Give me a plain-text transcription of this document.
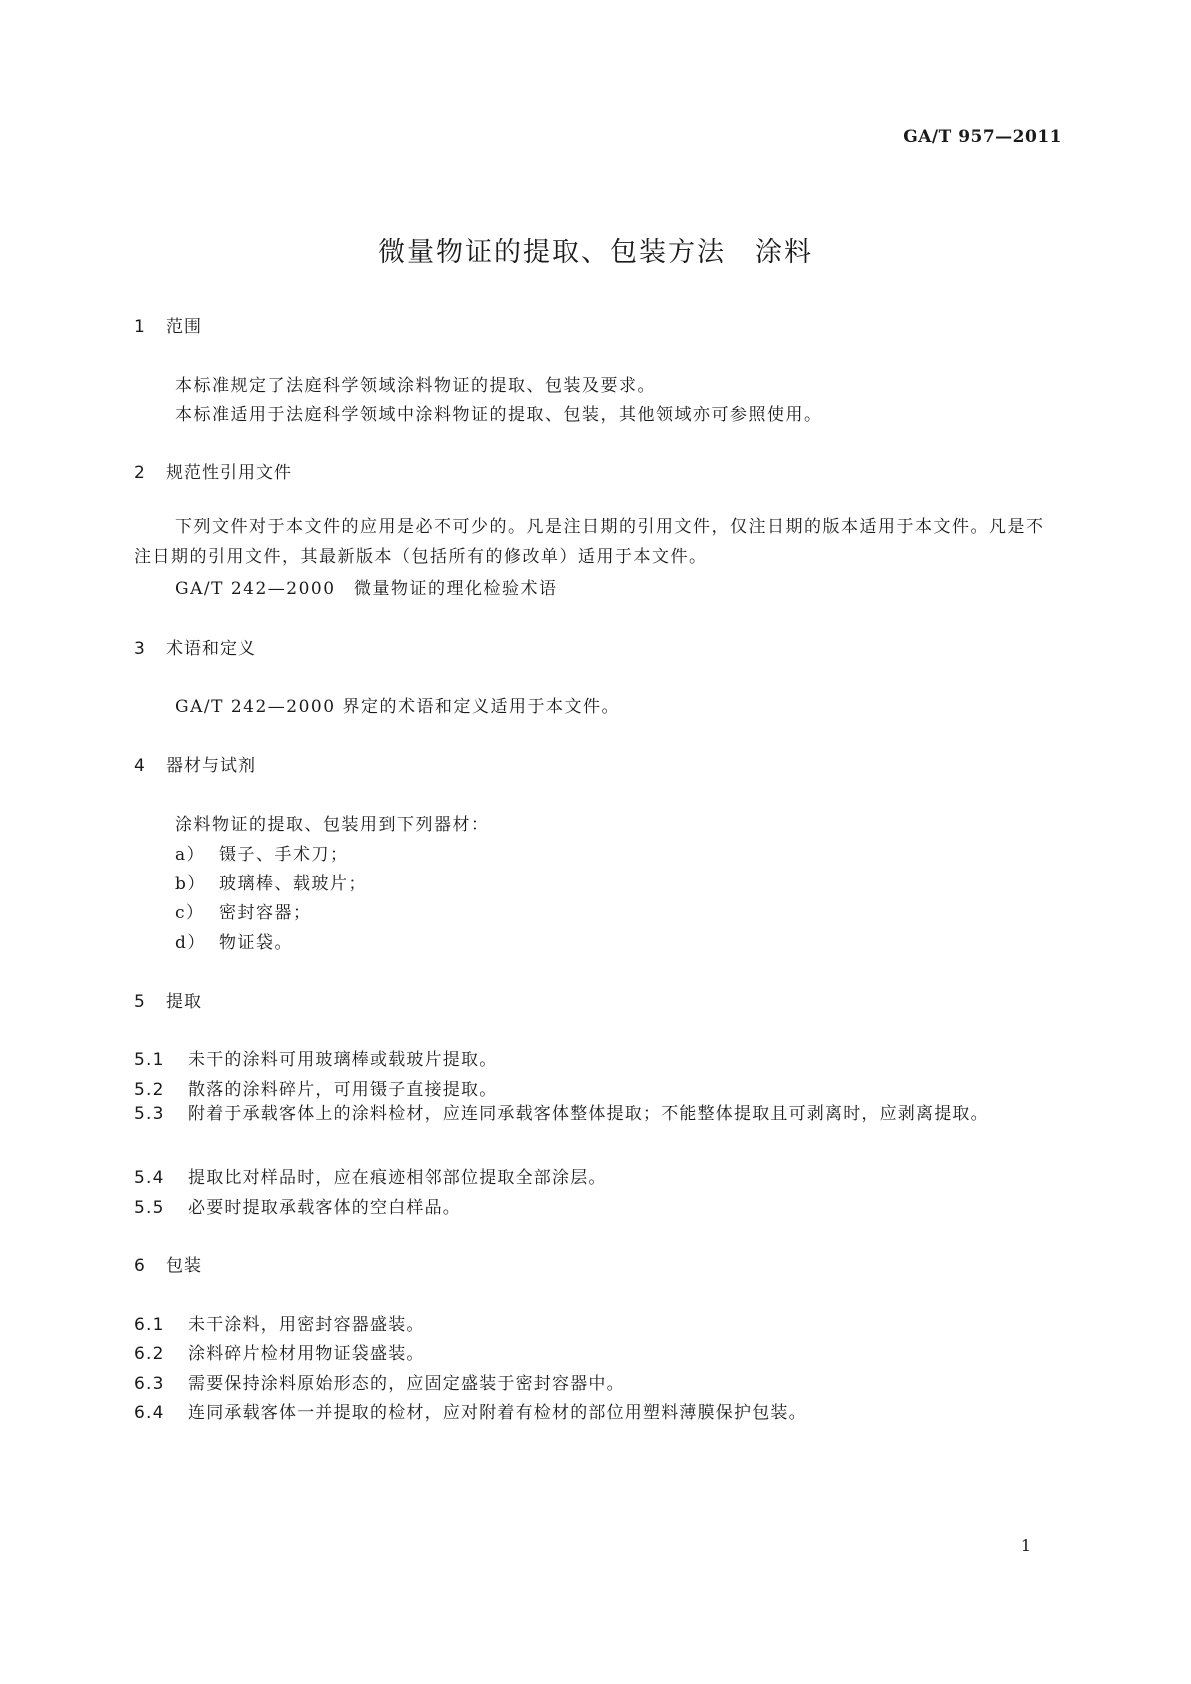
GA/T 957—2011
微量物证的提取、包装方法　涂料
1 范围
本标准规定了法庭科学领域涂料物证的提取、包装及要求。
本标准适用于法庭科学领域中涂料物证的提取、包装，其他领域亦可参照使用。
2 规范性引用文件
下列文件对于本文件的应用是必不可少的。凡是注日期的引用文件，仅注日期的版本适用于本文件。凡是不注日期的引用文件，其最新版本（包括所有的修改单）适用于本文件。
GA/T 242—2000　微量物证的理化检验术语
3 术语和定义
GA/T 242—2000 界定的术语和定义适用于本文件。
4 器材与试剂
涂料物证的提取、包装用到下列器材：
a） 镊子、手术刀；
b） 玻璃棒、载玻片；
c） 密封容器；
d） 物证袋。
5 提取
5.1 未干的涂料可用玻璃棒或载玻片提取。
5.2 散落的涂料碎片，可用镊子直接提取。
5.3 附着于承载客体上的涂料检材，应连同承载客体整体提取；不能整体提取且可剥离时，应剥离提取。
5.4 提取比对样品时，应在痕迹相邻部位提取全部涂层。
5.5 必要时提取承载客体的空白样品。
6 包装
6.1 未干涂料，用密封容器盛装。
6.2 涂料碎片检材用物证袋盛装。
6.3 需要保持涂料原始形态的，应固定盛装于密封容器中。
6.4 连同承载客体一并提取的检材，应对附着有检材的部位用塑料薄膜保护包装。
1
